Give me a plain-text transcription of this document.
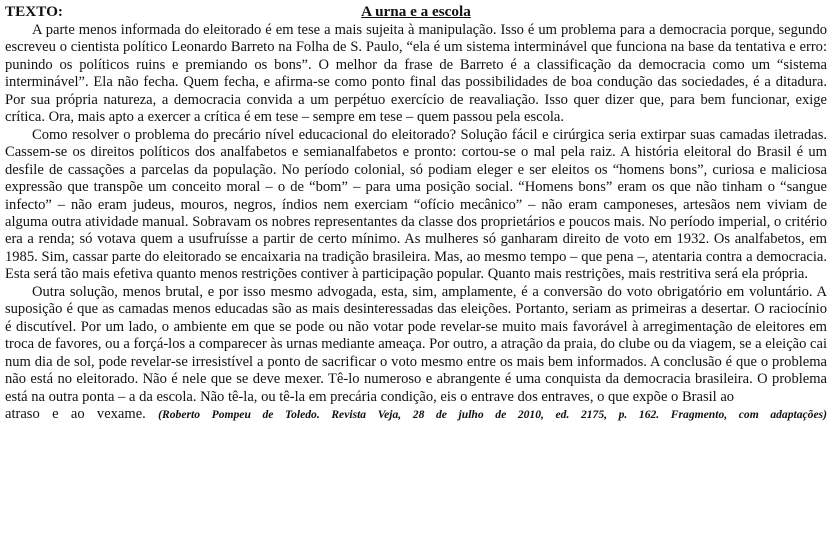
TEXTO:	A urna e a escola

A parte menos informada do eleitorado é em tese a mais sujeita à manipulação. Isso é um problema para a democracia porque, segundo escreveu o cientista político Leonardo Barreto na Folha de S. Paulo, “ela é um sistema interminável que funciona na base da tentativa e erro: punindo os políticos ruins e premiando os bons”. O melhor da frase de Barreto é a classificação da democracia como um “sistema interminável”. Ela não fecha. Quem fecha, e afirma-se como ponto final das possibilidades de boa condução das sociedades, é a ditadura. Por sua própria natureza, a democracia convida a um perpétuo exercício de reavaliação. Isso quer dizer que, para bem funcionar, exige crítica. Ora, mais apto a exercer a crítica é em tese – sempre em tese – quem passou pela escola.

Como resolver o problema do precário nível educacional do eleitorado? Solução fácil e cirúrgica seria extirpar suas camadas iletradas. Cassem-se os direitos políticos dos analfabetos e semianalfabetos e pronto: cortou-se o mal pela raiz. A história eleitoral do Brasil é um desfile de cassações a parcelas da população. No período colonial, só podiam eleger e ser eleitos os “homens bons”, curiosa e maliciosa expressão que transpõe um conceito moral – o de “bom” – para uma posição social. “Homens bons” eram os que não tinham o “sangue infecto” – não eram judeus, mouros, negros, índios nem exerciam “ofício mecânico” – não eram camponeses, artesãos nem viviam de alguma outra atividade manual. Sobravam os nobres representantes da classe dos proprietários e poucos mais. No período imperial, o critério era a renda; só votava quem a usufruísse a partir de certo mínimo. As mulheres só ganharam direito de voto em 1932. Os analfabetos, em 1985. Sim, cassar parte do eleitorado se encaixaria na tradição brasileira. Mas, ao mesmo tempo – que pena –, atentaria contra a democracia. Esta será tão mais efetiva quanto menos restrições contiver à participação popular. Quanto mais restrições, mais restritiva será ela própria.

Outra solução, menos brutal, e por isso mesmo advogada, esta, sim, amplamente, é a conversão do voto obrigatório em voluntário. A suposição é que as camadas menos educadas são as mais desinteressadas das eleições. Portanto, seriam as primeiras a desertar. O raciocínio é discutível. Por um lado, o ambiente em que se pode ou não votar pode revelar-se muito mais favorável à arregimentação de eleitores em troca de favores, ou a forçá-los a comparecer às urnas mediante ameaça. Por outro, a atração da praia, do clube ou da viagem, se a eleição cai num dia de sol, pode revelar-se irresistível a ponto de sacrificar o voto mesmo entre os mais bem informados. A conclusão é que o problema não está no eleitorado. Não é nele que se deve mexer. Tê-lo numeroso e abrangente é uma conquista da democracia brasileira. O problema está na outra ponta – a da escola. Não tê-la, ou tê-la em precária condição, eis o entrave dos entraves, o que expõe o Brasil ao

atraso e ao vexame. (Roberto Pompeu de Toledo. Revista Veja, 28 de julho de 2010, ed. 2175, p. 162. Fragmento, com adaptações)
